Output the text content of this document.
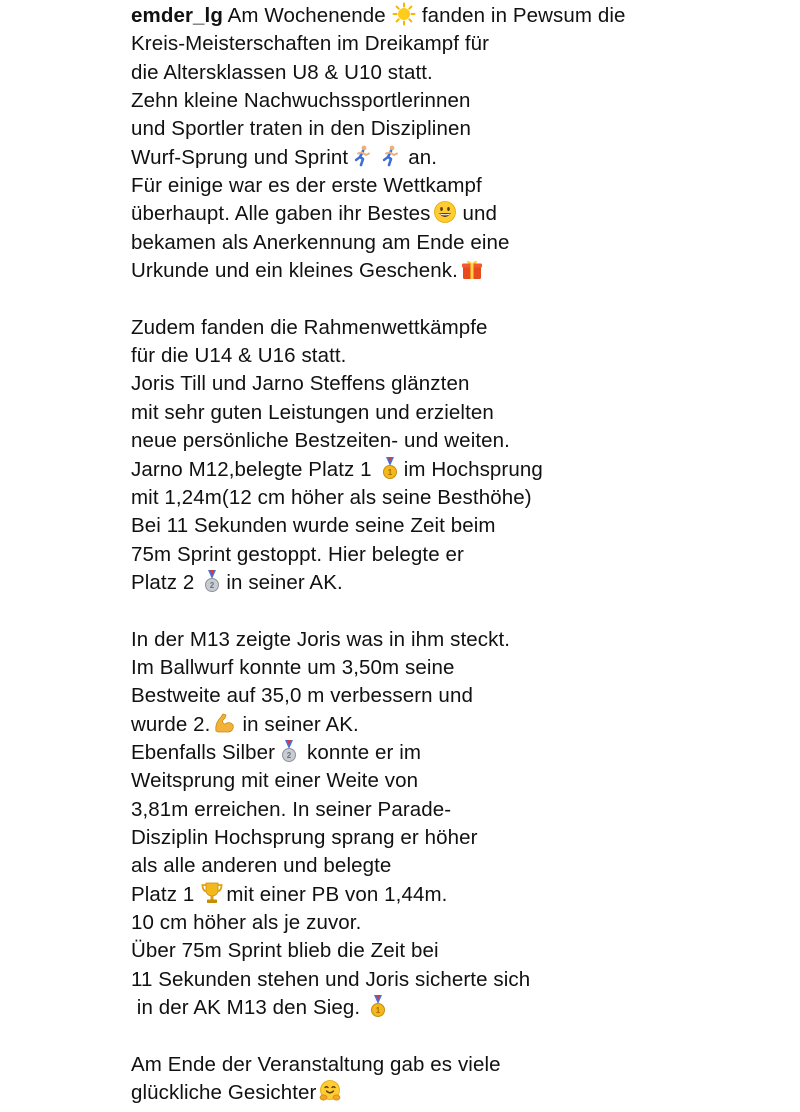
emder_lg Am Wochenende fanden in Pewsum die
Kreis-Meisterschaften im Dreikampf für
die Altersklassen U8 & U10 statt.
Zehn kleine Nachwuchssportlerinnen
und Sportler traten in den Disziplinen
Wurf-Sprung und Sprint	an.
Für einige war es der erste Wettkampf
überhaupt. Alle gaben ihr Bestes und
bekamen als Anerkennung am Ende eine
Urkunde und ein kleines Geschenk.
Zudem fanden die Rahmenwettkämpfe
für die U14 & U16 statt.
Joris Till und Jarno Steffens glänzten
mit sehr guten Leistungen und erzielten
neue persönliche Bestzeiten- und weiten.
Jarno M12,belegte Platz 1 1 im Hochsprung
mit 1,24m(12 cm höher als seine Besthöhe)
Bei 11 Sekunden wurde seine Zeit beim
75m Sprint gestoppt. Hier belegte er
Platz 2 2 in seiner AK.
In der M13 zeigte Joris was in ihm steckt.
Im Ballwurf konnte um 3,50m seine
Bestweite auf 35,0 m verbessern und
wurde 2. in seiner AK.
Ebenfalls Silber 2 konnte er im
Weitsprung mit einer Weite von
3,81m erreichen. In seiner Parade-
Disziplin Hochsprung sprang er höher
als alle anderen und belegte
Platz 1 mit einer PB von 1,44m.
10 cm höher als je zuvor.
Über 75m Sprint blieb die Zeit bei
11 Sekunden stehen und Joris sicherte sich
in der AK M13 den Sieg. 1
Am Ende der Veranstaltung gab es viele
glückliche Gesichter
